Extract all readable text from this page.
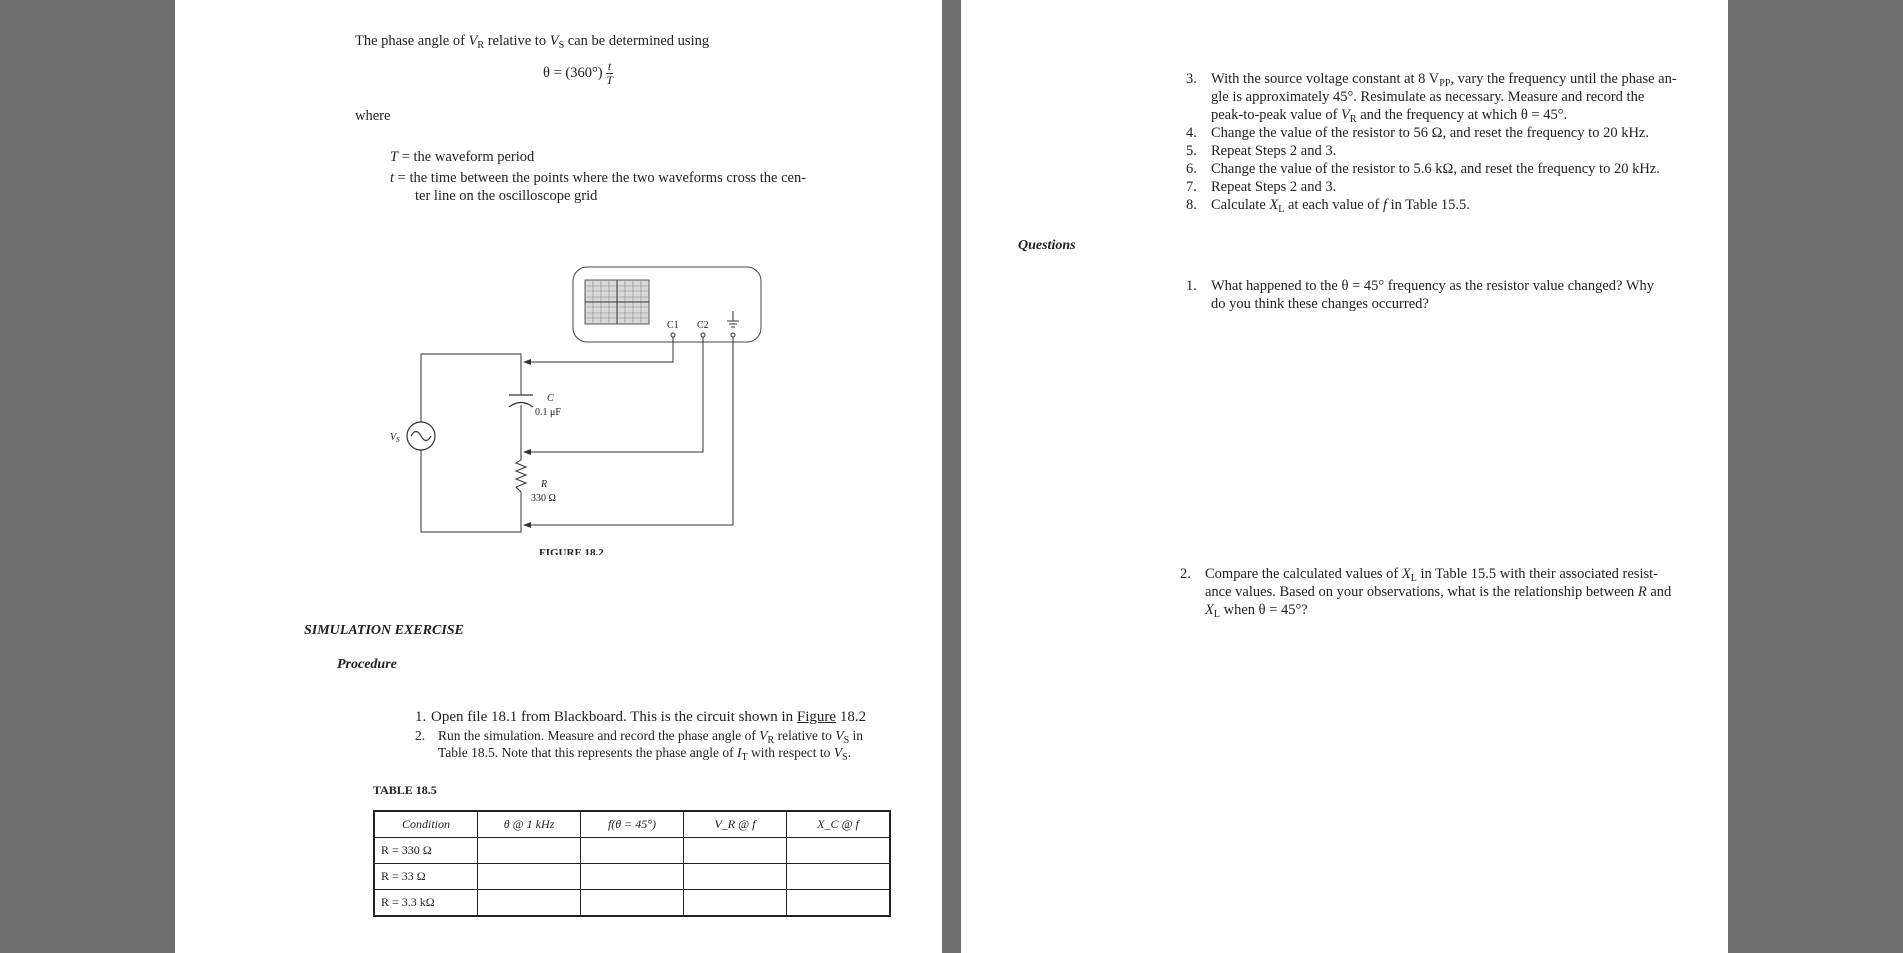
The phase angle of $V_R$ relative to $V_S$ can be determined using
$\theta = (360^\circ) \frac{t}{T}$
where
T = the waveform period
t = the time between the points where the two waveforms cross the cen-
ter line on the oscilloscope grid
C1 C2
C
0.1 μF
R
330 Ω
$V_S$
FIGURE 18.2
SIMULATION EXERCISE
Procedure
1. Open file 18.1 from Blackboard. This is the circuit shown in Figure 18.2
2. Run the simulation. Measure and record the phase angle of $V_R$ relative to $V_S$ in
Table 18.5. Note that this represents the phase angle of $I_T$ with respect to $V_S$.
TABLE 18.5
Condition	θ @ 1 kHz	f(θ = 45°)	V_R @ f	X_C @ f
R = 330 Ω				
R = 33 Ω				
R = 3.3 kΩ				
3. With the source voltage constant at 8 $V_{PP}$, vary the frequency until the phase an-
gle is approximately 45°. Resimulate as necessary. Measure and record the
peak-to-peak value of $V_R$ and the frequency at which θ = 45°.
4. Change the value of the resistor to 56 Ω, and reset the frequency to 20 kHz.
5. Repeat Steps 2 and 3.
6. Change the value of the resistor to 5.6 kΩ, and reset the frequency to 20 kHz.
7. Repeat Steps 2 and 3.
8. Calculate $X_L$ at each value of f in Table 15.5.
Questions
1. What happened to the θ = 45° frequency as the resistor value changed? Why
do you think these changes occurred?
2. Compare the calculated values of $X_L$ in Table 15.5 with their associated resist-
ance values. Based on your observations, what is the relationship between R and
$X_L$ when θ = 45°?
